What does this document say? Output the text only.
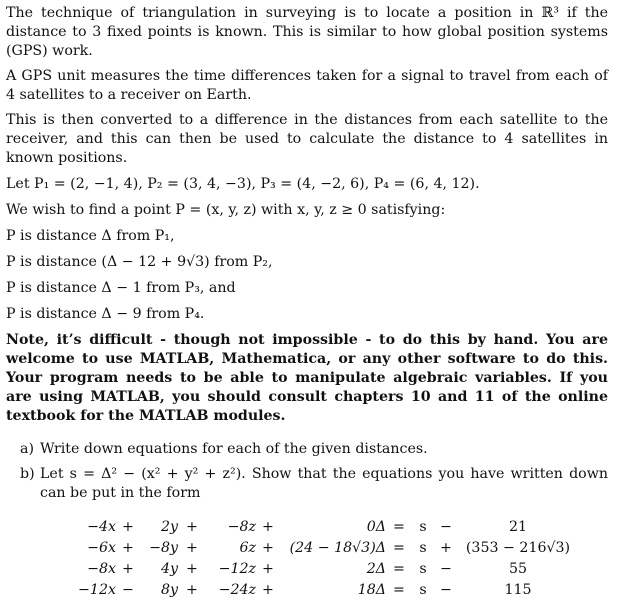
The technique of triangulation in surveying is to locate a position in ℝ³ if the distance to 3 fixed points is known. This is similar to how global position systems (GPS) work.

A GPS unit measures the time differences taken for a signal to travel from each of 4 satellites to a receiver on Earth.

This is then converted to a difference in the distances from each satellite to the receiver, and this can then be used to calculate the distance to 4 satellites in known positions.

Let P₁ = (2, −1, 4), P₂ = (3, 4, −3), P₃ = (4, −2, 6), P₄ = (6, 4, 12).

We wish to find a point P = (x, y, z) with x, y, z ≥ 0 satisfying:

P is distance Δ from P₁,

P is distance (Δ − 12 + 9√3) from P₂,

P is distance Δ − 1 from P₃, and

P is distance Δ − 9 from P₄.

Note, it’s difficult - though not impossible - to do this by hand. You are welcome to use MATLAB, Mathematica, or any other software to do this. Your program needs to be able to manipulate algebraic variables. If you are using MATLAB, you should consult chapters 10 and 11 of the online textbook for the MATLAB modules.

a) Write down equations for each of the given distances.
b) Let s = Δ² − (x² + y² + z²). Show that the equations you have written down can be put in the form
−4x	+	2y	+	−8z	+	0Δ	=	s	−	21
−6x	+	−8y	+	6z	+	(24 − 18√3)Δ	=	s	+	(353 − 216√3)
−8x	+	4y	+	−12z	+	2Δ	=	s	−	55
−12x	−	8y	+	−24z	+	18Δ	=	s	−	115
